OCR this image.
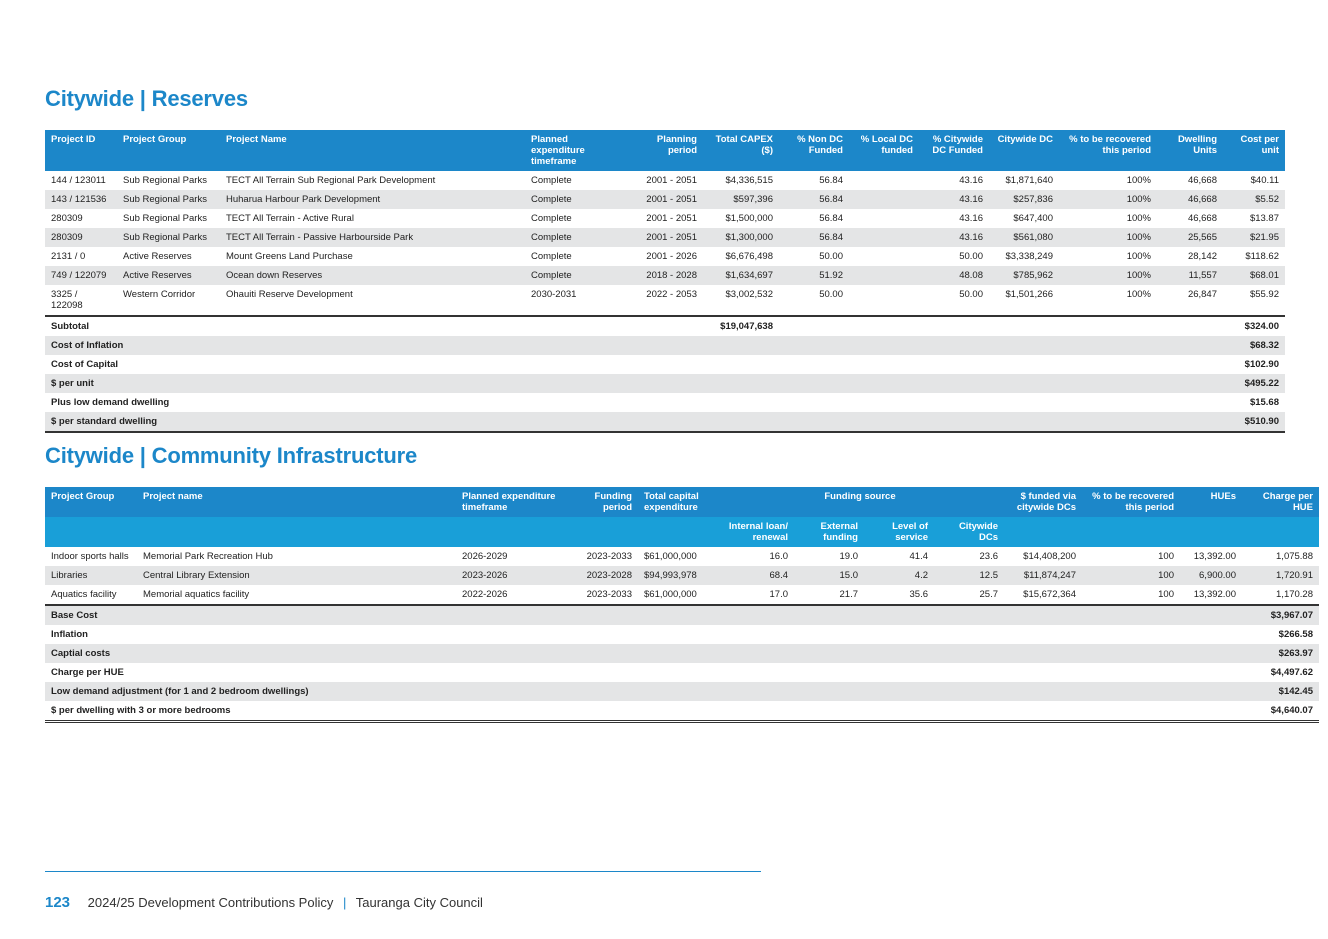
Citywide | Reserves
Project ID	Project Group	Project Name	Planned expenditure timeframe	Planning period	Total CAPEX ($)	% Non DC Funded	% Local DC funded	% Citywide DC Funded	Citywide DC	% to be recovered this period	Dwelling Units	Cost per unit
144 / 123011	Sub Regional Parks	TECT All Terrain Sub Regional Park Development	Complete	2001 - 2051	$4,336,515	56.84		43.16	$1,871,640	100%	46,668	$40.11
143 / 121536	Sub Regional Parks	Huharua Harbour Park Development	Complete	2001 - 2051	$597,396	56.84		43.16	$257,836	100%	46,668	$5.52
280309	Sub Regional Parks	TECT All Terrain - Active Rural	Complete	2001 - 2051	$1,500,000	56.84		43.16	$647,400	100%	46,668	$13.87
280309	Sub Regional Parks	TECT All Terrain - Passive Harbourside Park	Complete	2001 - 2051	$1,300,000	56.84		43.16	$561,080	100%	25,565	$21.95
2131 / 0	Active Reserves	Mount Greens Land Purchase	Complete	2001 - 2026	$6,676,498	50.00		50.00	$3,338,249	100%	28,142	$118.62
749 / 122079	Active Reserves	Ocean down Reserves	Complete	2018 - 2028	$1,634,697	51.92		48.08	$785,962	100%	11,557	$68.01
3325 / 122098	Western Corridor	Ohauiti Reserve Development	2030-2031	2022 - 2053	$3,002,532	50.00		50.00	$1,501,266	100%	26,847	$55.92
Subtotal					$19,047,638							$324.00
Cost of Inflation												$68.32
Cost of Capital												$102.90
$ per unit												$495.22
Plus low demand dwelling												$15.68
$ per standard dwelling												$510.90
Citywide | Community Infrastructure
Project Group	Project name	Planned expenditure timeframe	Funding period	Total capital expenditure	Funding source				$ funded via citywide DCs	% to be recovered this period	HUEs	Charge per HUE
					Internal loan/ renewal	External funding	Level of service	Citywide DCs				
Indoor sports halls	Memorial Park Recreation Hub	2026-2029	2023-2033	$61,000,000	16.0	19.0	41.4	23.6	$14,408,200	100	13,392.00	1,075.88
Libraries	Central Library Extension	2023-2026	2023-2028	$94,993,978	68.4	15.0	4.2	12.5	$11,874,247	100	6,900.00	1,720.91
Aquatics facility	Memorial aquatics facility	2022-2026	2023-2033	$61,000,000	17.0	21.7	35.6	25.7	$15,672,364	100	13,392.00	1,170.28
Base Cost												$3,967.07
Inflation												$266.58
Captial costs												$263.97
Charge per HUE												$4,497.62
Low demand adjustment (for 1 and 2 bedroom dwellings)												$142.45
$ per dwelling with 3 or more bedrooms												$4,640.07
123 2024/25 Development Contributions Policy | Tauranga City Council
